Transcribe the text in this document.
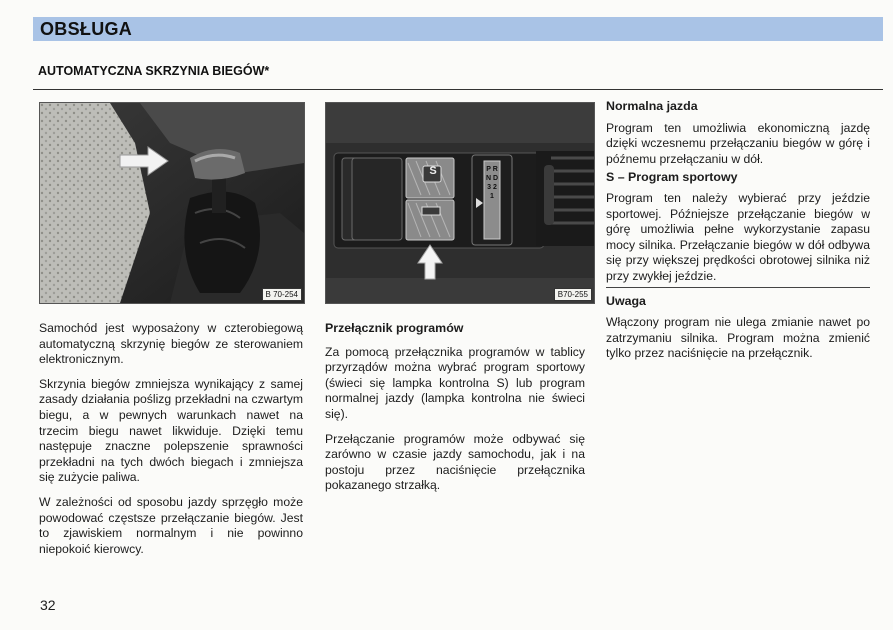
OBSŁUGA
AUTOMATYCZNA SKRZYNIA BIEGÓW*
B 70-254
S	P R N D 3 2 1
B70-255

Samochód jest wyposażony w czterobiegową automatyczną skrzynię biegów ze sterowaniem elektronicznym.

Skrzynia biegów zmniejsza wynikający z samej zasady działania poślizg przekładni na czwartym biegu, a w pewnych warunkach nawet na trzecim biegu nawet likwiduje. Dzięki temu następuje znaczne polepszenie sprawności przekładni na tych dwóch biegach i zmniejsza się zużycie paliwa.

W zależności od sposobu jazdy sprzęgło może powodować częstsze przełączanie biegów. Jest to zjawiskiem normalnym i nie powinno niepokoić kierowcy.

Przełącznik programów

Za pomocą przełącznika programów w tablicy przyrządów można wybrać program sportowy (świeci się lampka kontrolna S) lub program normalnej jazdy (lampka kontrolna nie świeci się).

Przełączanie programów może odbywać się zarówno w czasie jazdy samochodu, jak i na postoju przez naciśnięcie przełącznika pokazanego strzałką.

Normalna jazda

Program ten umożliwia ekonomiczną jazdę dzięki wczesnemu przełączaniu biegów w górę i późnemu przełączaniu w dół.

S – Program sportowy

Program ten należy wybierać przy jeździe sportowej. Późniejsze przełączanie biegów w górę umożliwia pełne wykorzystanie zapasu mocy silnika. Przełączanie biegów w dół odbywa się przy większej prędkości obrotowej silnika niż przy zwykłej jeździe.

Uwaga

Włączony program nie ulega zmianie nawet po zatrzymaniu silnika. Program można zmienić tylko przez naciśnięcie na przełącznik.

32
